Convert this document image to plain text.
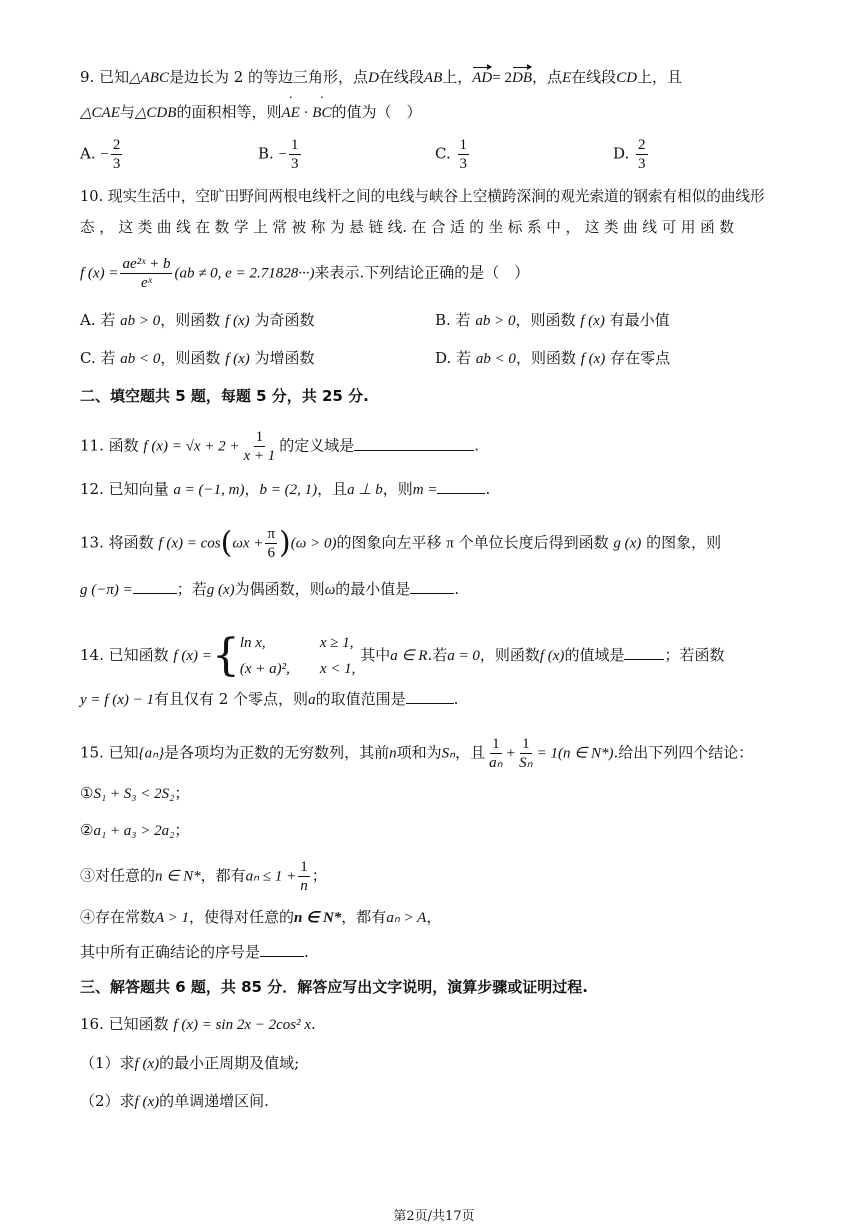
9. 已知△ABC是边长为 2 的等边三角形，点D在线段AB上，AD= 2DB，点E在线段CD上，且
△CAE与△CDB的面积相等，则· AE · · BC的值为（　）
A. − $\frac{2}{3}$	B. − $\frac{1}{3}$	C. $\frac{1}{3}$	D. $\frac{2}{3}$
10. 现实生活中，空旷田野间两根电线杆之间的电线与峡谷上空横跨深涧的观光索道的钢索有相似的曲线形
态 ， 这 类 曲 线 在 数 学 上 常 被 称 为 悬 链 线. 在 合 适 的 坐 标 系 中 ， 这 类 曲 线 可 用 函 数
f $(x) = \frac{\text{ae²ˣ + b}}{\text{eˣ}} (ab \ne 0$, e = 2.71828···)来表示.下列结论正确的是（　）
A. 若 ab > 0，则函数 f (x) 为奇函数	B. 若 ab > 0，则函数 f (x) 有最小值
C. 若 ab < 0，则函数 f (x) 为增函数	D. 若 ab < 0，则函数 f (x) 存在零点
二、填空题共 5 题，每题 5 分，共 25 分.
11. 函数 f $(x) = √x + 2 + \frac{1}{x + 1}$ 的定义域是	.
12. 已知向量 a = (−1, m)，b = (2, 1)，且a ⊥ b，则m =	.
13. 将函数 f $(x) = \cos(\omega x + \frac{\pi}{6} )(\omega > 0)$的图象向左平移 π 个单位长度后得到函数 g (x) 的图象，则
g (−π) =	；若g (x)为偶函数，则ω的最小值是	.
14. 已知函数 f (x) ={ ln x,	x ≥ 1,
(x + a)², x < 1,
其中a ∈ R.若a = 0，则函数f (x)的值域是	；若函数
y = f (x) − 1有且仅有 2 个零点，则a的取值范围是	.
15. 已知{aₙ}是各项均为正数的无穷数列，其前n项和为Sₙ，且 $\frac{1}{\text{aₙ}} + \frac{1}{\text{Sₙ}} = 1(n$ ∈ N*).给出下列四个结论：
①S₁ + S₃ < 2S₂；
②a₁ + a₃ > 2a₂；
③对任意的n ∈ N*，都有$a_n \le 1 + \frac{1}{n}$ ；
④存在常数A > 1，使得对任意的n ∈ N*，都有aₙ > A，
其中所有正确结论的序号是	.
三、解答题共 6 题，共 85 分．解答应写出文字说明，演算步骤或证明过程.
16. 已知函数 f (x) = sin 2x − 2cos² x.
（1）求f (x)的最小正周期及值域;
（2）求f (x)的单调递增区间.
第2页/共17页
